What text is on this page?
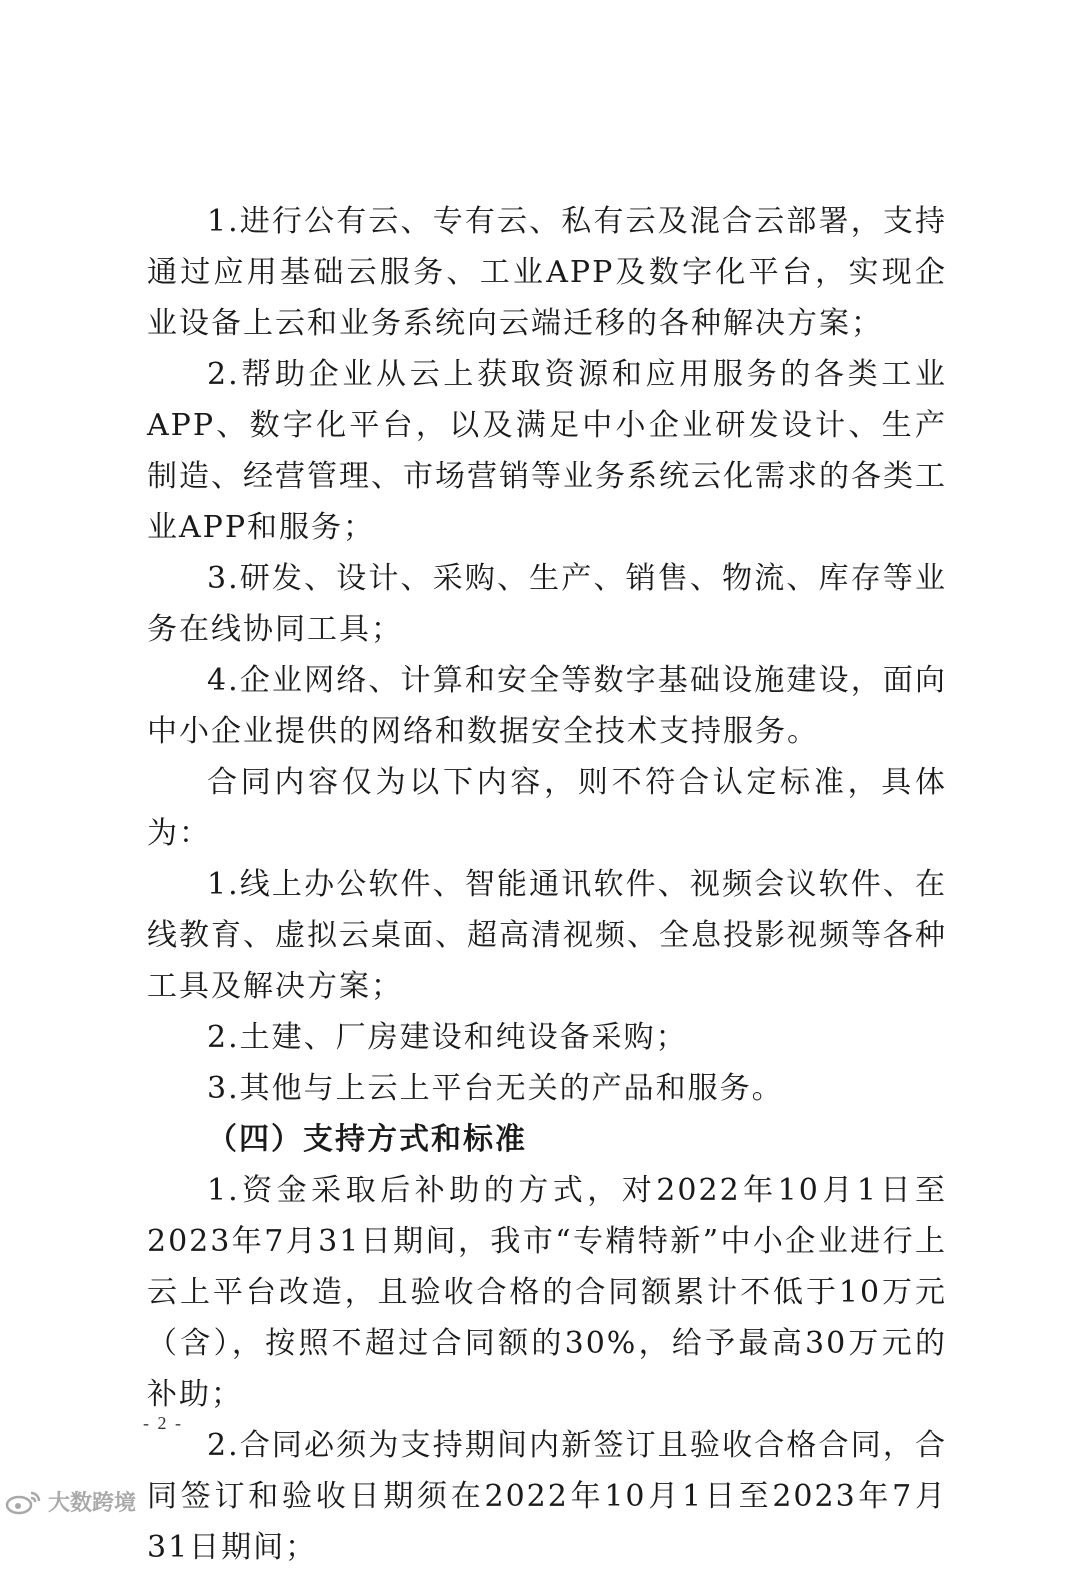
1.进行公有云、专有云、私有云及混合云部署，支持通过应用基础云服务、工业APP及数字化平台，实现企业设备上云和业务系统向云端迁移的各种解决方案；

2.帮助企业从云上获取资源和应用服务的各类工业APP、数字化平台，以及满足中小企业研发设计、生产制造、经营管理、市场营销等业务系统云化需求的各类工业APP和服务；

3.研发、设计、采购、生产、销售、物流、库存等业务在线协同工具；

4.企业网络、计算和安全等数字基础设施建设，面向中小企业提供的网络和数据安全技术支持服务。

合同内容仅为以下内容，则不符合认定标准，具体为：

1.线上办公软件、智能通讯软件、视频会议软件、在线教育、虚拟云桌面、超高清视频、全息投影视频等各种工具及解决方案；

2.土建、厂房建设和纯设备采购；

3.其他与上云上平台无关的产品和服务。

（四）支持方式和标准

1.资金采取后补助的方式，对2022年10月1日至2023年7月31日期间，我市“专精特新”中小企业进行上云上平台改造，且验收合格的合同额累计不低于10万元（含），按照不超过合同额的30%，给予最高30万元的补助；

2.合同必须为支持期间内新签订且验收合格合同，合同签订和验收日期须在2022年10月1日至2023年7月31日期间；

- 2 -
大数跨境
